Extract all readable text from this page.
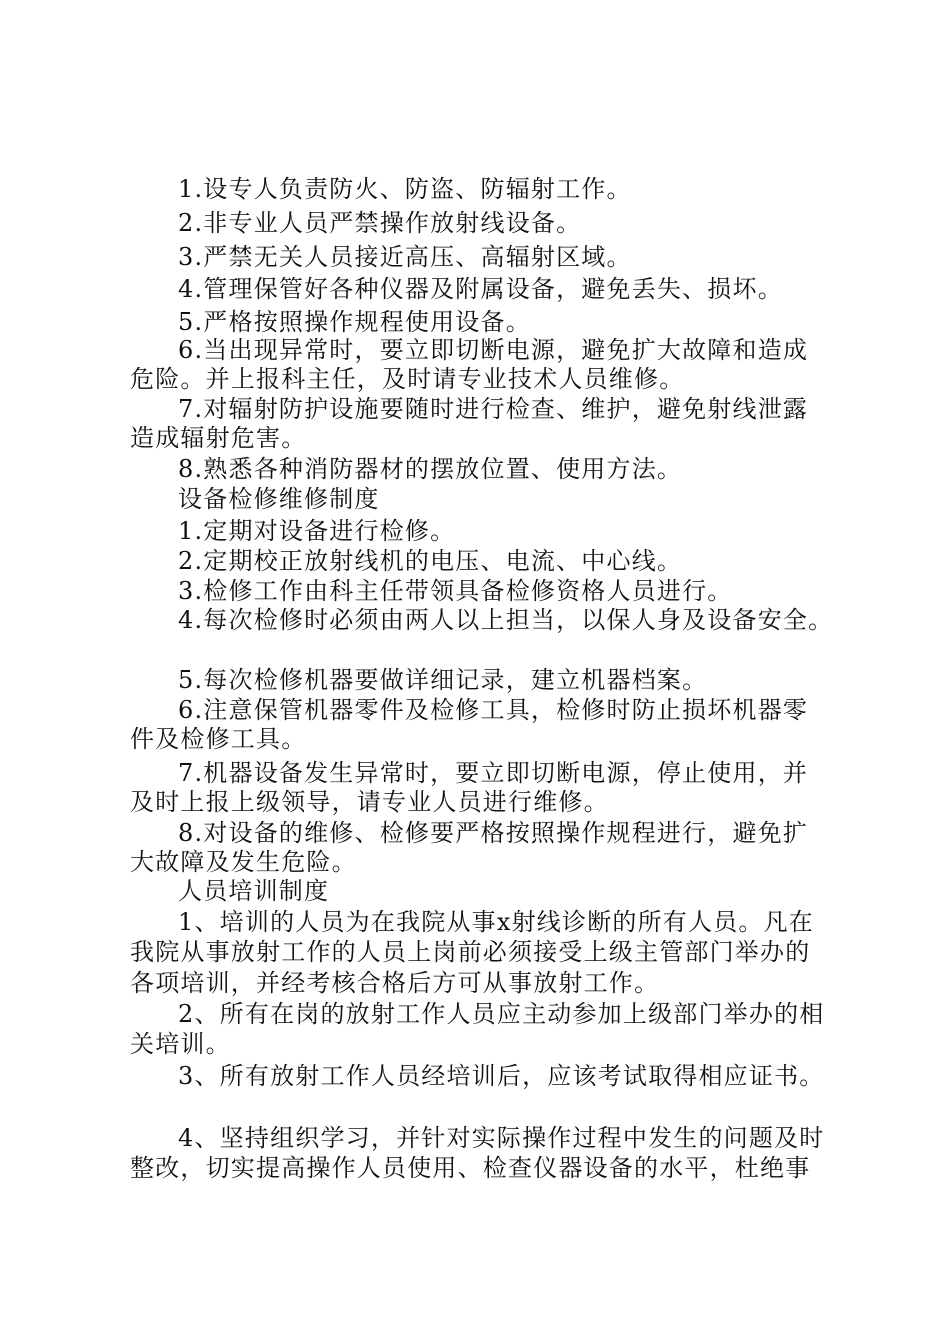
1.设专人负责防火、防盗、防辐射工作。

2.非专业人员严禁操作放射线设备。

3.严禁无关人员接近高压、高辐射区域。

4.管理保管好各种仪器及附属设备，避免丢失、损坏。

5.严格按照操作规程使用设备。

6.当出现异常时，要立即切断电源，避免扩大故障和造成

危险。并上报科主任，及时请专业技术人员维修。

7.对辐射防护设施要随时进行检查、维护，避免射线泄露

造成辐射危害。

8.熟悉各种消防器材的摆放位置、使用方法。

设备检修维修制度

1.定期对设备进行检修。

2.定期校正放射线机的电压、电流、中心线。

3.检修工作由科主任带领具备检修资格人员进行。

4.每次检修时必须由两人以上担当，以保人身及设备安全。

5.每次检修机器要做详细记录，建立机器档案。

6.注意保管机器零件及检修工具，检修时防止损坏机器零

件及检修工具。

7.机器设备发生异常时，要立即切断电源，停止使用，并

及时上报上级领导，请专业人员进行维修。

8.对设备的维修、检修要严格按照操作规程进行，避免扩

大故障及发生危险。

人员培训制度

1、培训的人员为在我院从事x射线诊断的所有人员。凡在

我院从事放射工作的人员上岗前必须接受上级主管部门举办的

各项培训，并经考核合格后方可从事放射工作。

2、所有在岗的放射工作人员应主动参加上级部门举办的相

关培训。

3、所有放射工作人员经培训后，应该考试取得相应证书。

4、坚持组织学习，并针对实际操作过程中发生的问题及时

整改，切实提高操作人员使用、检查仪器设备的水平，杜绝事
